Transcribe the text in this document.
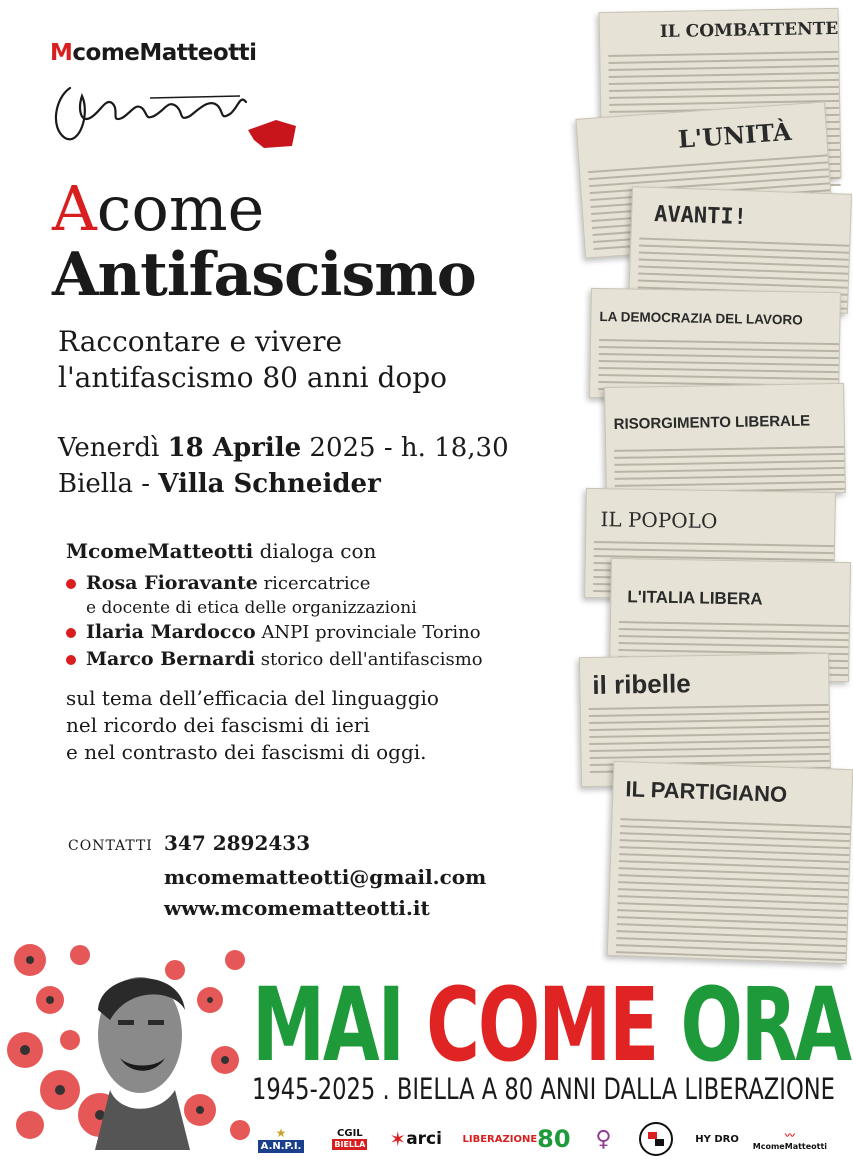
McomeMatteotti
Acome
Antifascismo
Raccontare e vivere
l'antifascismo 80 anni dopo
Venerdì 18 Aprile 2025 - h. 18,30
Biella - Villa Schneider
McomeMatteotti dialoga con
Rosa Fioravante ricercatrice
e docente di etica delle organizzazioni
Ilaria Mardocco ANPI provinciale Torino
Marco Bernardi storico dell'antifascismo
sul tema dell’efficacia del linguaggio
nel ricordo dei fascismi di ieri
e nel contrasto dei fascismi di oggi.
CONTATTI 347 2892433
mcomematteotti@gmail.com
www.mcomematteotti.it
IL COMBATTENTE
L'UNITÀ
AVANTI!
LA DEMOCRAZIA DEL LAVORO
RISORGIMENTO LIBERALE
IL POPOLO
L'ITALIA LIBERA
il ribelle
IL PARTIGIANO
MAI COME ORA
1945-2025 . BIELLA A 80 ANNI DALLA LIBERAZIONE
★
A.N.P.I.
CGIL
BIELLA ✶ arci LIBERAZIONE 80 ♀	HY DRO	〰
McomeMatteotti
